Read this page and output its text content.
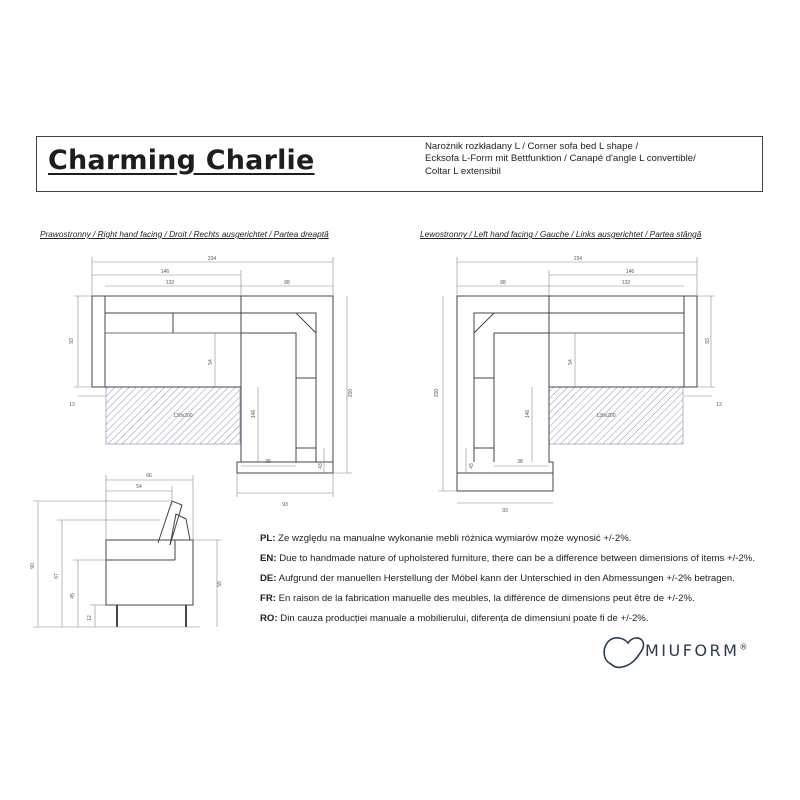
Charming Charlie	Narożnik rozkładany L / Corner sofa bed L shape /
Ecksofa L-Form mit Bettfunktion / Canapé d'angle L convertible/
Coltar L extensibil
Prawostronny / Right hand facing / Droit / Rechts ausgerichtet / Partea dreaptă	Lewostronny / Left hand facing / Gauche / Links ausgerichtet / Partea stângă
234
146
132	88
93
54
200
146
38
43
93
13
130x200
234
146
132
88
93
54
200
146
38
43
93
13
130x200
66
54
90
67
45
12
59
PL: Ze względu na manualne wykonanie mebli różnica wymiarów może wynosić +/-2%.
EN: Due to handmade nature of upholstered furniture, there can be a difference between dimensions of items +/-2%.
DE: Aufgrund der manuellen Herstellung der Möbel kann der Unterschied in den Abmessungen +/-2% betragen.
FR: En raison de la fabrication manuelle des meubles, la différence de dimensions peut être de +/-2%.
RO: Din cauza producției manuale a mobilierului, diferența de dimensiuni poate fi de +/-2%.
MIUFORM®
